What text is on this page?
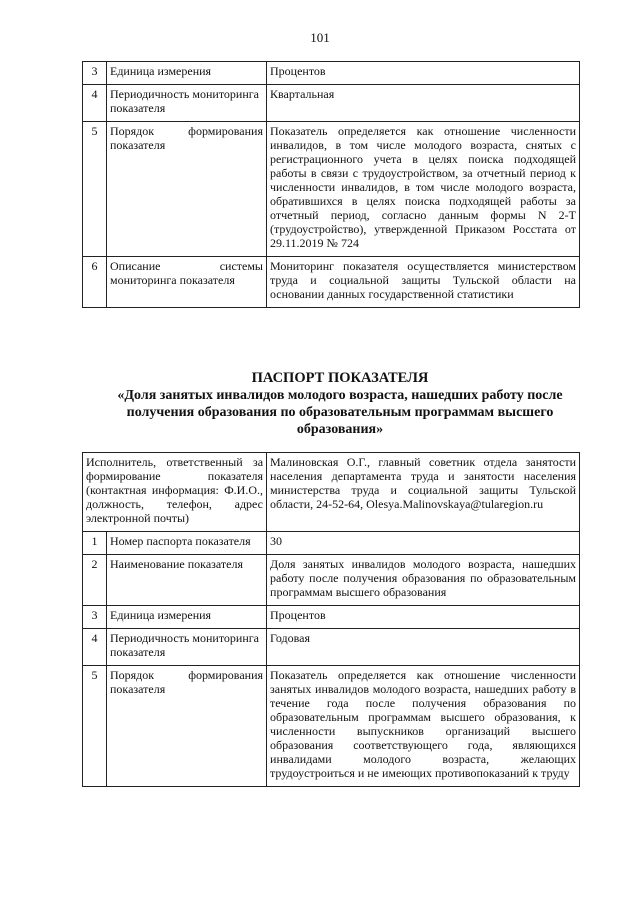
101
3	Единица измерения	Процентов
4	Периодичность мониторинга показателя	Квартальная
5	Порядок формирования показателя	Показатель определяется как отношение численности инвалидов, в том числе молодого возраста, снятых с регистрационного учета в целях поиска подходящей работы в связи с трудоустройством, за отчетный период к численности инвалидов, в том числе молодого возраста, обратившихся в целях поиска подходящей работы за отчетный период, согласно данным формы N 2-Т (трудоустройство), утвержденной Приказом Росстата от 29.11.2019 № 724
6	Описание системы мониторинга показателя	Мониторинг показателя осуществляется министерством труда и социальной защиты Тульской области на основании данных государственной статистики
ПАСПОРТ ПОКАЗАТЕЛЯ
«Доля занятых инвалидов молодого возраста, нашедших работу после получения образования по образовательным программам высшего образования»
Исполнитель, ответственный за формирование показателя (контактная информация: Ф.И.О., должность, телефон, адрес электронной почты)		Малиновская О.Г., главный советник отдела занятости населения департамента труда и занятости населения министерства труда и социальной защиты Тульской области, 24-52-64, Olesya.Malinovskaya@tularegion.ru
1	Номер паспорта показателя	30
2	Наименование показателя	Доля занятых инвалидов молодого возраста, нашедших работу после получения образования по образовательным программам высшего образования
3	Единица измерения	Процентов
4	Периодичность мониторинга показателя	Годовая
5	Порядок формирования показателя	Показатель определяется как отношение численности занятых инвалидов молодого возраста, нашедших работу в течение года после получения образования по образовательным программам высшего образования, к численности выпускников организаций высшего образования соответствующего года, являющихся инвалидами молодого возраста, желающих трудоустроиться и не имеющих противопоказаний к труду
